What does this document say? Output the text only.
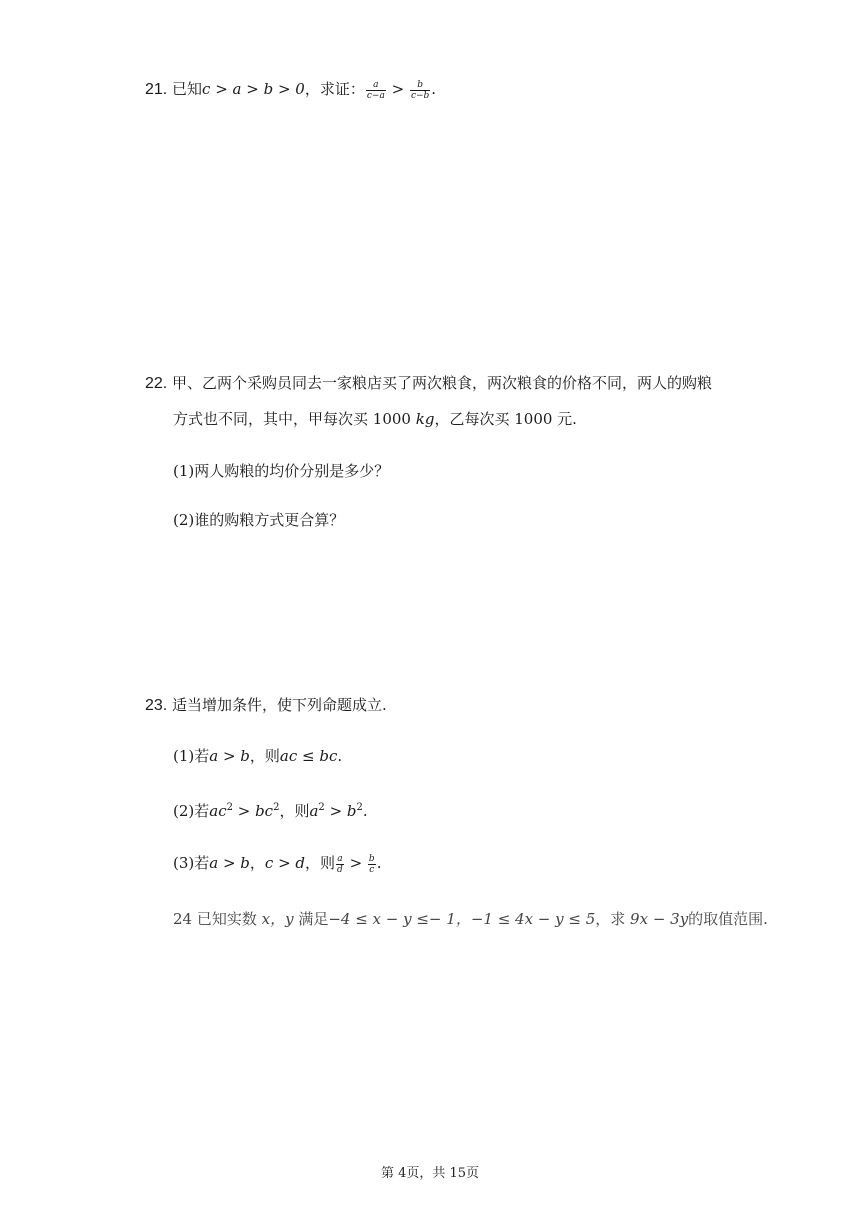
21. 已知c > a > b > 0，求证： $\frac{a}{c-a} > \frac{b}{c-b}$ .
22. 甲、乙两个采购员同去一家粮店买了两次粮食，两次粮食的价格不同，两人的购粮
方式也不同，其中，甲每次买 1000 kg，乙每次买 1000 元.
(1)两人购粮的均价分别是多少？
(2)谁的购粮方式更合算？
23. 适当增加条件，使下列命题成立.
(1)若a > b，则ac ≤ bc.
(2)若$ac^2 > bc^2$，则$a^2 > b^2$.
(3)若a > b，c > d，则 $\frac{a}{d} > \frac{b}{c}$ .
24 已知实数 x，y 满足−4 ≤ x − y ≤− 1，−1 ≤ 4x − y ≤ 5，求 9x − 3y的取值范围.
第 4页，共 15页
